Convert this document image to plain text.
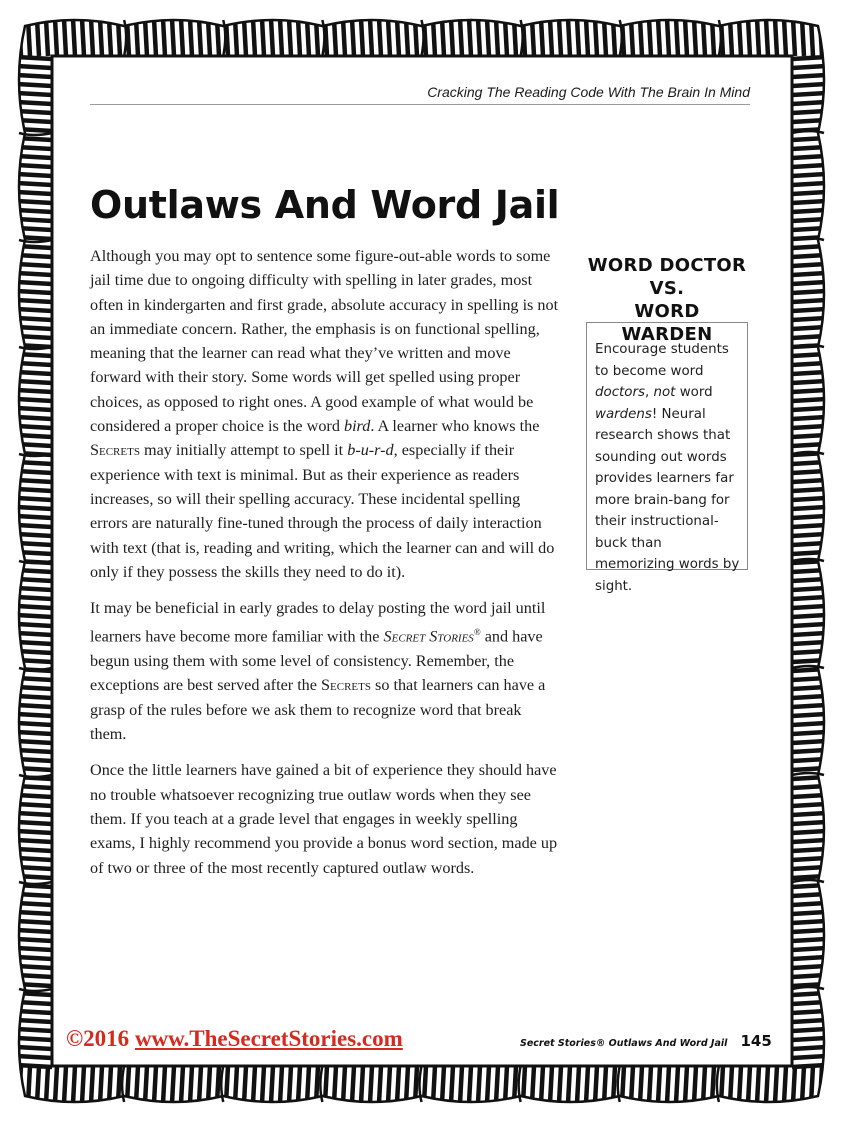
Cracking The Reading Code With The Brain In Mind
Outlaws And Word Jail

Although you may opt to sentence some figure-out-able words to some jail time due to ongoing difficulty with spelling in later grades, most often in kindergarten and first grade, absolute accuracy in spelling is not an immediate concern. Rather, the emphasis is on functional spelling, meaning that the learner can read what they’ve written and move forward with their story. Some words will get spelled using proper choices, as opposed to right ones. A good example of what would be considered a proper choice is the word bird. A learner who knows the Secrets may initially attempt to spell it b-u-r-d, especially if their experience with text is minimal. But as their experience as readers increases, so will their spelling accuracy. These incidental spelling errors are naturally fine-tuned through the process of daily interaction with text (that is, reading and writing, which the learner can and will do only if they possess the skills they need to do it).

It may be beneficial in early grades to delay posting the word jail until learners have become more familiar with the Secret Stories® and have begun using them with some level of consistency. Remember, the exceptions are best served after the Secrets so that learners can have a grasp of the rules before we ask them to recognize word that break them.

Once the little learners have gained a bit of experience they should have no trouble whatsoever recognizing true outlaw words when they see them. If you teach at a grade level that engages in weekly spelling exams, I highly recommend you provide a bonus word section, made up of two or three of the most recently captured outlaw words.

WORD DOCTOR
VS.
WORD WARDEN
Encourage students to become word doctors, not word wardens! Neural research shows that sounding out words provides learners far more brain-bang for their instructional-buck than memorizing words by sight.
©2016 www.TheSecretStories.com	Secret Stories® Outlaws And Word Jail 145
